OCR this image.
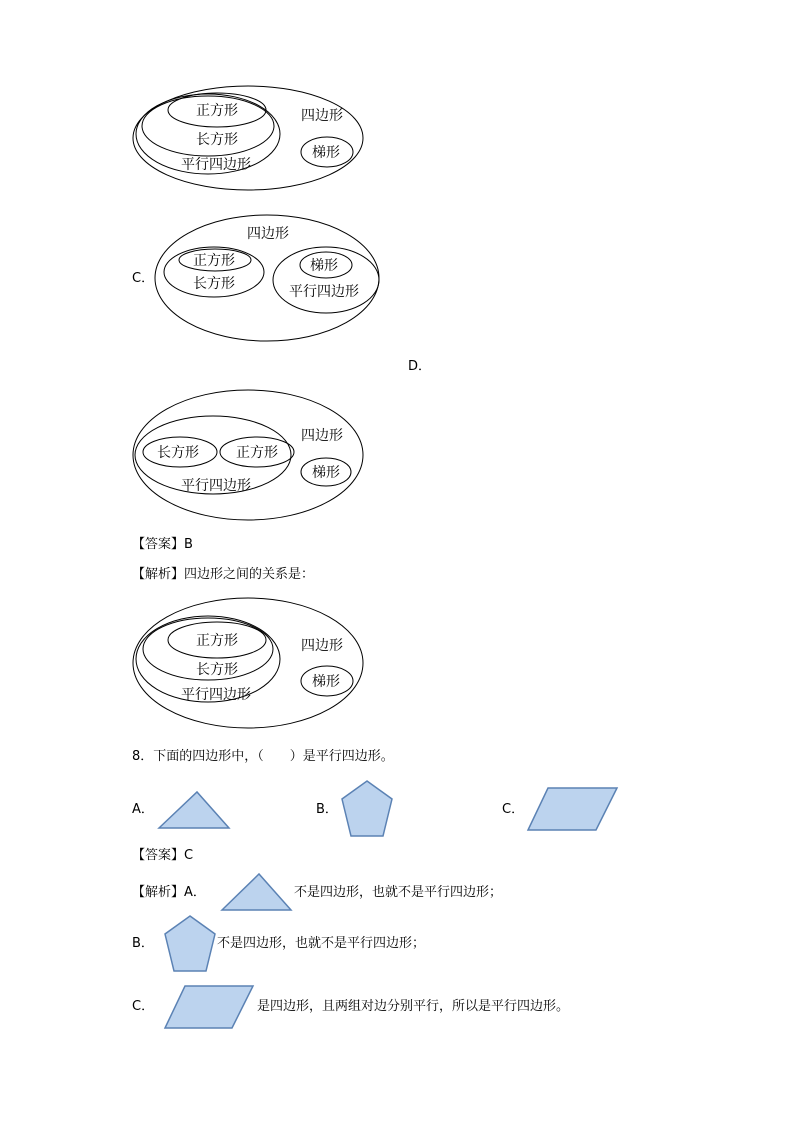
正方形
长方形
平行四边形
四边形
梯形
C．
四边形
正方形
长方形
梯形
平行四边形
D．
长方形	正方形
四边形
梯形
平行四边形
【答案】B
【解析】四边形之间的关系是：
正方形
长方形
平行四边形
四边形
梯形
8．下面的四边形中，（　　）是平行四边形。
A．	B．	C．
【答案】C
【解析】A．	不是四边形，也就不是平行四边形；
B．	不是四边形，也就不是平行四边形；
C．	是四边形，且两组对边分别平行，所以是平行四边形。
